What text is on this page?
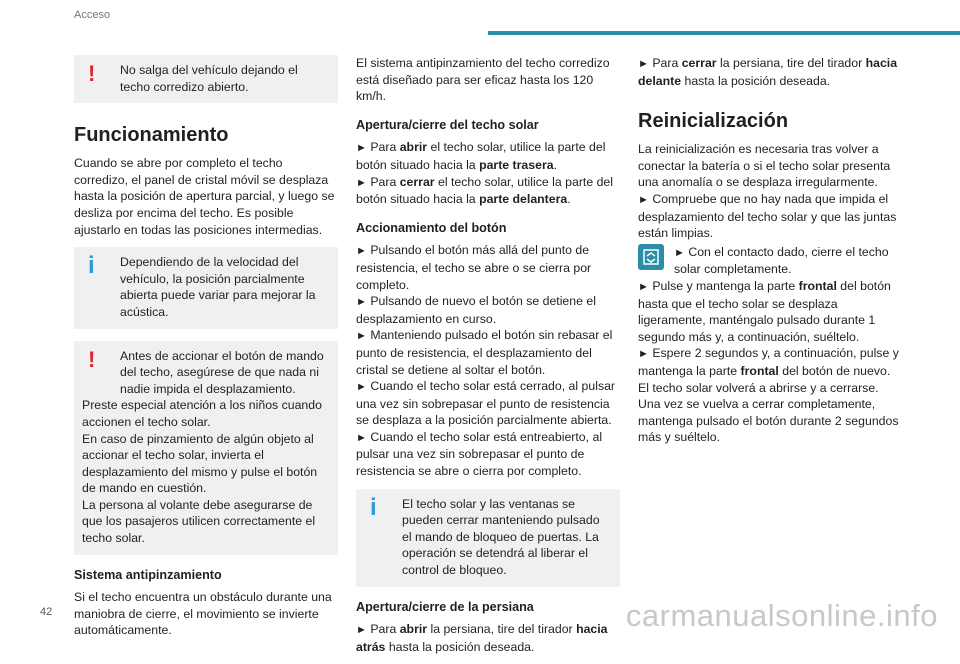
Acceso
!	No salga del vehículo dejando el techo corredizo abierto.
Funcionamiento

Cuando se abre por completo el techo corredizo, el panel de cristal móvil se desplaza hasta la posición de apertura parcial, y luego se desliza por encima del techo. Es posible ajustarlo en todas las posiciones intermedias.

i	Dependiendo de la velocidad del vehículo, la posición parcialmente abierta puede variar para mejorar la acústica.
!	Antes de accionar el botón de mando del techo, asegúrese de que nada ni nadie impida el desplazamiento.
Preste especial atención a los niños cuando accionen el techo solar.
En caso de pinzamiento de algún objeto al accionar el techo solar, invierta el desplazamiento del mismo y pulse el botón de mando en cuestión.
La persona al volante debe asegurarse de que los pasajeros utilicen correctamente el techo solar.
Sistema antipinzamiento

Si el techo encuentra un obstáculo durante una maniobra de cierre, el movimiento se invierte automáticamente.

El sistema antipinzamiento del techo corredizo está diseñado para ser eficaz hasta los 120 km/h.

Apertura/cierre del techo solar

► Para abrir el techo solar, utilice la parte del botón situado hacia la parte trasera.
► Para cerrar el techo solar, utilice la parte del botón situado hacia la parte delantera.

Accionamiento del botón

► Pulsando el botón más allá del punto de resistencia, el techo se abre o se cierra por completo.
► Pulsando de nuevo el botón se detiene el desplazamiento en curso.
► Manteniendo pulsado el botón sin rebasar el punto de resistencia, el desplazamiento del cristal se detiene al soltar el botón.
► Cuando el techo solar está cerrado, al pulsar una vez sin sobrepasar el punto de resistencia se desplaza a la posición parcialmente abierta.
► Cuando el techo solar está entreabierto, al pulsar una vez sin sobrepasar el punto de resistencia se abre o cierra por completo.

i	El techo solar y las ventanas se pueden cerrar manteniendo pulsado el mando de bloqueo de puertas. La operación se detendrá al liberar el control de bloqueo.
Apertura/cierre de la persiana

► Para abrir la persiana, tire del tirador hacia atrás hasta la posición deseada.

► Para cerrar la persiana, tire del tirador hacia delante hasta la posición deseada.

Reinicialización

La reinicialización es necesaria tras volver a conectar la batería o si el techo solar presenta una anomalía o se desplaza irregularmente.
► Compruebe que no hay nada que impida el desplazamiento del techo solar y que las juntas están limpias.

► Con el contacto dado, cierre el techo solar completamente.

► Pulse y mantenga la parte frontal del botón hasta que el techo solar se desplaza ligeramente, manténgalo pulsado durante 1 segundo más y, a continuación, suéltelo.
► Espere 2 segundos y, a continuación, pulse y mantenga la parte frontal del botón de nuevo.
El techo solar volverá a abrirse y a cerrarse.
Una vez se vuelva a cerrar completamente, mantenga pulsado el botón durante 2 segundos más y suéltelo.

42	carmanualsonline.info
